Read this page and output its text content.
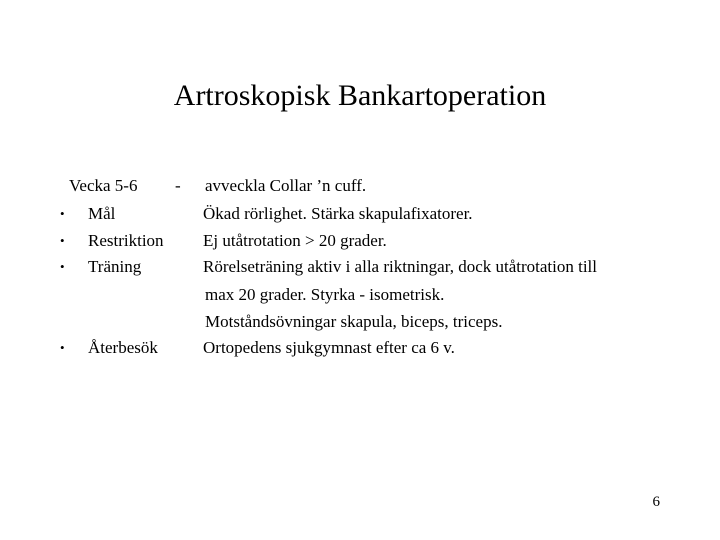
Artroskopisk Bankartoperation
Vecka 5-6 - avveckla Collar ’n cuff.
• Mål	Ökad rörlighet. Stärka skapulafixatorer.
• Restriktion Ej utåtrotation > 20 grader.
• Träning	Rörelseträning aktiv i alla riktningar, dock utåtrotation till
max 20 grader. Styrka - isometrisk.
Motståndsövningar skapula, biceps, triceps.
• Återbesök	Ortopedens sjukgymnast efter ca 6 v.
6
